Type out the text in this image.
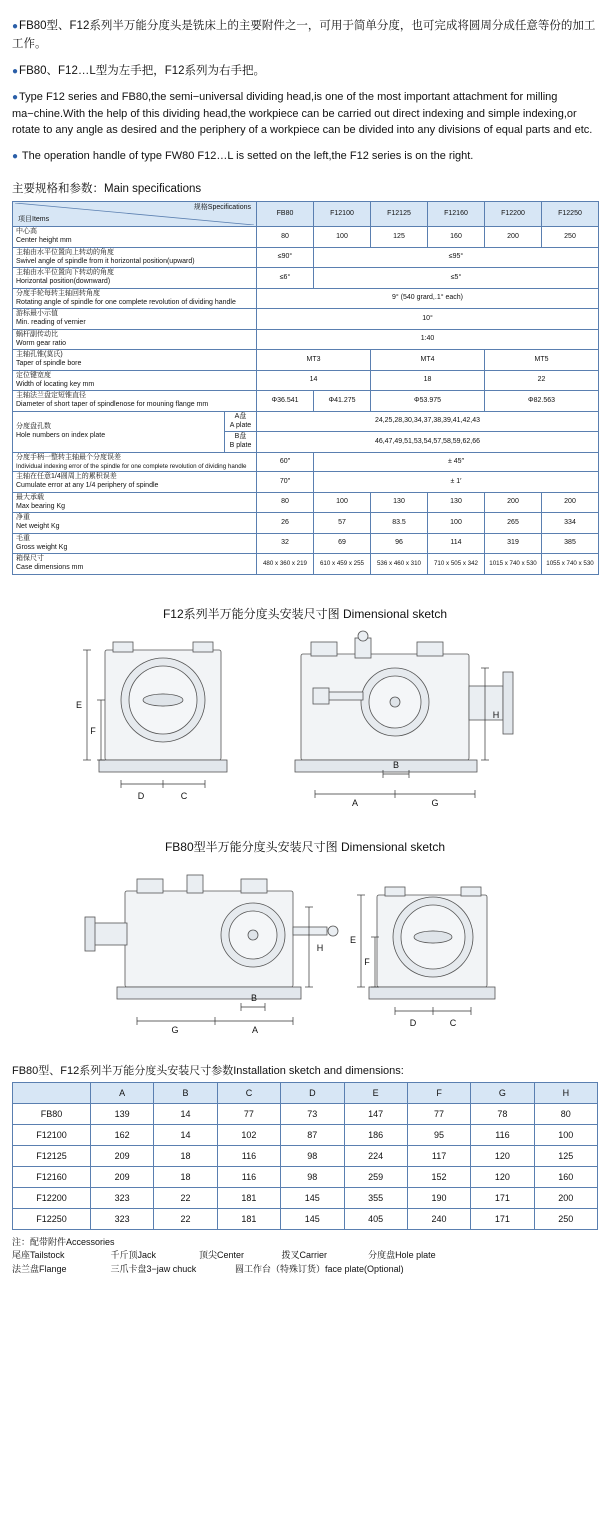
●FB80型、F12系列半万能分度头是铣床上的主要附件之一，可用于简单分度，也可完成将圆周分成任意等份的加工工作。

●FB80、F12…L型为左手把，F12系列为右手把。

●Type F12 series and FB80,the semi−universal dividing head,is one of the most important attachment for milling ma−chine.With the help of this dividing head,the workpiece can be carried out direct indexing and simple indexing,or rotate to any angle as desired and the periphery of a workpiece can be divided into any divisions of equal parts and etc.

● The operation handle of type FW80 F12…L is setted on the left,the F12 series is on the right.

主要规格和参数：Main specifications
规格Specifications
项目Items		FB80	F12100	F12125	F12160	F12200	F12250

中心高
Center height mm		80	100	125	160	200	250

主轴由水平位置向上转动的角度
Swivel angle of spindle from it horizontal position(upward)		≤90°	≤95°				

主轴由水平位置向下转动的角度
Horizontal position(downward)		≤6°	≤5°				

分度手轮每转主轴回转角度
Rotating angle of spindle for one complete revolution of dividing handle		9° (540 grard,.1° each)					

游标最小示值
Min. reading of vernier		10°					

蜗杆副传动比
Worm gear ratio		1:40					

主轴孔锥(莫氏)
Taper of spindle bore		MT3		MT4		MT5	

定位键宽度
Width of locating key mm		14		18		22	

主轴法兰盘定短锥直径
Diameter of short taper of spindlenose for mouning flange mm		Φ36.541	Φ41.275	Φ53.975		Φ82.563	

分度盘孔数
Hole numbers on index plate	A盘
A plate	24,25,28,30,34,37,38,39,41,42,43					

	B盘
B plate	46,47,49,51,53,54,57,58,59,62,66					

分度手柄一整转主轴最个分度误差
Individual indexing error of the spindle for one complete revolution of dividing handle		60″	± 45″				

主轴在任意1/4圆周上的累积误差
Cumulate error at any 1/4 periphery of spindle		70″	± 1′				

最大承载
Max bearing Kg		80	100	130	130	200	200

净重
Net weight Kg		26	57	83.5	100	265	334

毛重
Gross weight Kg		32	69	96	114	319	385

箱保尺寸
Case dimensions mm		480 x 360 x 219	610 x 459 x 255	536 x 460 x 310	710 x 505 x 342	1015 x 740 x 530	1055 x 740 x 530
F12系列半万能分度头安装尺寸图 Dimensional sketch
E
F
D	C
H
A	G
B
FB80型半万能分度头安装尺寸图 Dimensional sketch
H
G	A
B
E
F
D	C
FB80型、F12系列半万能分度头安装尺寸参数Installation sketch and dimensions:
	A	B	C	D	E	F	G	H
FB80	139	14	77	73	147	77	78	80
F12100	162	14	102	87	186	95	116	100
F12125	209	18	116	98	224	117	120	125
F12160	209	18	116	98	259	152	120	160
F12200	323	22	181	145	355	190	171	200
F12250	323	22	181	145	405	240	171	250
注：配带附件Accessories
尾座Tailstock	千斤顶Jack	顶尖Center	拨叉Carrier	分度盘Hole plate
法兰盘Flange	三爪卡盘3−jaw chuck	圆工作台（特殊订货）face plate(Optional)
